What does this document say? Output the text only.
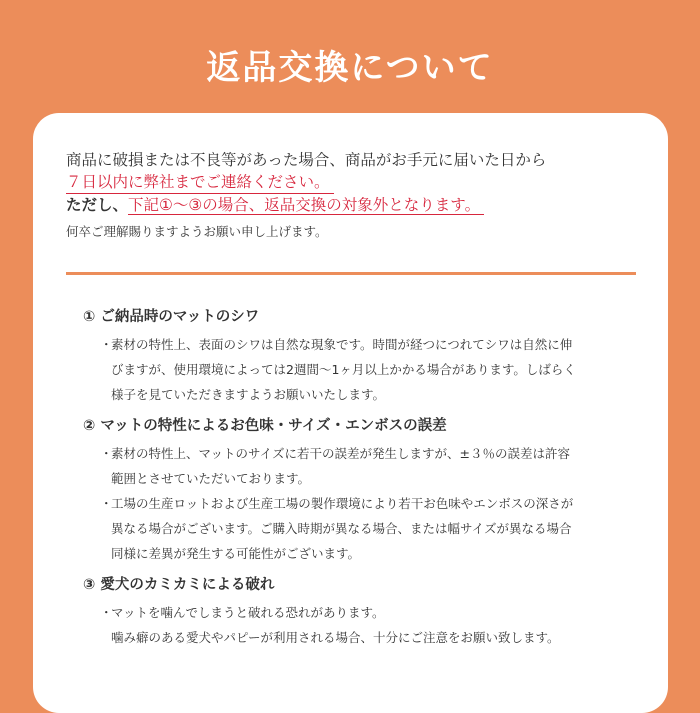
返品交換について

商品に破損または不良等があった場合、商品がお手元に届いた日から

７日以内に弊社までご連絡ください。

ただし、下記①～③の場合、返品交換の対象外となります。

何卒ご理解賜りますようお願い申し上げます。

① ご納品時のマットのシワ
・
素材の特性上、表面のシワは自然な現象です。時間が経つにつれてシワは自然に伸
びますが、使用環境によっては2週間～1ヶ月以上かかる場合があります。しばらく
様子を見ていただきますようお願いいたします。
② マットの特性によるお色味・サイズ・エンボスの誤差
・
素材の特性上、マットのサイズに若干の誤差が発生しますが、±３％の誤差は許容
範囲とさせていただいております。
・
工場の生産ロットおよび生産工場の製作環境により若干お色味やエンボスの深さが
異なる場合がございます。ご購入時期が異なる場合、または幅サイズが異なる場合
同様に差異が発生する可能性がございます。
③ 愛犬のカミカミによる破れ
・
マットを噛んでしまうと破れる恐れがあります。
噛み癖のある愛犬やパピーが利用される場合、十分にご注意をお願い致します。
